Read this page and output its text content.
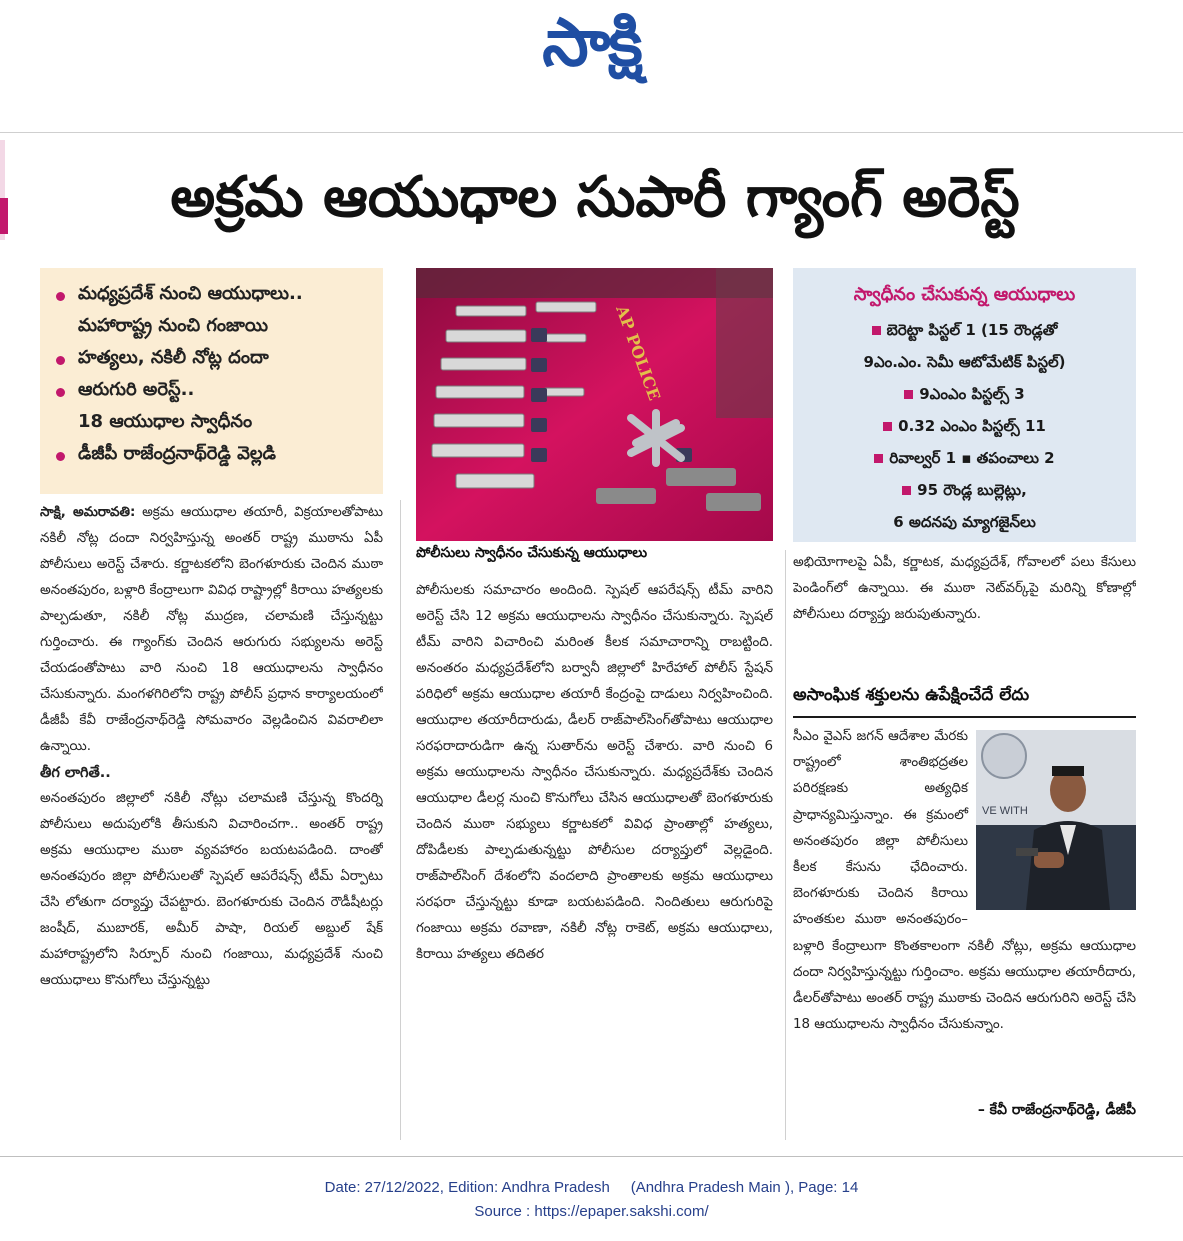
సాక్షి
అక్రమ ఆయుధాల సుపారీ గ్యాంగ్‌ అరెస్ట్‌
మధ్యప్రదేశ్‌ నుంచి ఆయుధాలు..
మహారాష్ట్ర నుంచి గంజాయి
హత్యలు, నకిలీ నోట్ల దందా
ఆరుగురి అరెస్ట్‌..
18 ఆయుధాల స్వాధీనం
డీజీపీ రాజేంద్రనాథ్‌రెడ్డి వెల్లడి
AP POLICE
పోలీసులు స్వాధీనం చేసుకున్న ఆయుధాలు
స్వాధీనం చేసుకున్న ఆయుధాలు
బెరెట్టా పిస్టల్‌ 1 (15 రౌండ్లతో
9ఎం.ఎం. సెమీ ఆటోమేటిక్‌ పిస్టల్‌)
9ఎంఎం పిస్టల్స్‌ 3
0.32 ఎంఎం పిస్టల్స్‌ 11
రివాల్వర్‌ 1 ▪ తపంచాలు 2
95 రౌండ్ల బుల్లెట్లు,
6 అదనపు మ్యాగజైన్‌లు

సాక్షి, అమరావతి: అక్రమ ఆయుధాల తయారీ, విక్రయాలతోపాటు నకిలీ నోట్ల దందా నిర్వహిస్తున్న అంతర్‌ రాష్ట్ర ముఠాను ఏపీ పోలీసులు అరెస్ట్‌ చేశారు. కర్ణాటకలోని బెంగళూరుకు చెందిన ముఠా అనంతపురం, బళ్లారి కేంద్రాలుగా వివిధ రాష్ట్రాల్లో కిరాయి హత్యలకు పాల్పడుతూ, నకిలీ నోట్ల ముద్రణ, చలామణి చేస్తున్నట్టు గుర్తించారు. ఈ గ్యాంగ్‌కు చెందిన ఆరుగురు సభ్యులను అరెస్ట్‌ చేయడంతోపాటు వారి నుంచి 18 ఆయుధాలను స్వాధీనం చేసుకున్నారు. మంగళగిరిలోని రాష్ట్ర పోలీస్‌ ప్రధాన కార్యాలయంలో డీజీపీ కేవీ రాజేంద్రనాథ్‌రెడ్డి సోమవారం వెల్లడించిన వివరాలిలా ఉన్నాయి.

తీగ లాగితే..

అనంతపురం జిల్లాలో నకిలీ నోట్లు చలామణి చేస్తున్న కొందర్ని పోలీసులు అదుపులోకి తీసుకుని విచారించగా.. అంతర్‌ రాష్ట్ర అక్రమ ఆయుధాల ముఠా వ్యవహారం బయటపడింది. దాంతో అనంతపురం జిల్లా పోలీసులతో స్పెషల్‌ ఆపరేషన్స్‌ టీమ్‌ ఏర్పాటు చేసి లోతుగా దర్యాప్తు చేపట్టారు. బెంగళూరుకు చెందిన రౌడీషీటర్లు జంషీద్‌, ముబారక్‌, అమీర్‌ పాషా, రియల్‌ అబ్దుల్‌ షేక్‌ మహారాష్ట్రలోని సిర్పూర్‌ నుంచి గంజాయి, మధ్యప్రదేశ్‌ నుంచి ఆయుధాలు కొనుగోలు చేస్తున్నట్టు

పోలీసులకు సమాచారం అందింది. స్పెషల్‌ ఆపరేషన్స్‌ టీమ్‌ వారిని అరెస్ట్‌ చేసి 12 అక్రమ ఆయుధాలను స్వాధీనం చేసుకున్నారు. స్పెషల్‌ టీమ్‌ వారిని విచారించి మరింత కీలక సమాచారాన్ని రాబట్టింది. అనంతరం మధ్యప్రదేశ్‌లోని బర్వానీ జిల్లాలో హిరేహాల్‌ పోలీస్‌ స్టేషన్‌ పరిధిలో అక్రమ ఆయుధాల తయారీ కేంద్రంపై దాడులు నిర్వహించింది. ఆయుధాల తయారీదారుడు, డీలర్‌ రాజ్‌పాల్‌సింగ్‌తోపాటు ఆయుధాల సరఫరాదారుడిగా ఉన్న సుతార్‌ను అరెస్ట్‌ చేశారు. వారి నుంచి 6 అక్రమ ఆయుధాలను స్వాధీనం చేసుకున్నారు. మధ్యప్రదేశ్‌కు చెందిన ఆయుధాల డీలర్ల నుంచి కొనుగోలు చేసిన ఆయుధాలతో బెంగళూరుకు చెందిన ముఠా సభ్యులు కర్ణాటకలో వివిధ ప్రాంతాల్లో హత్యలు, దోపిడీలకు పాల్పడుతున్నట్టు పోలీసుల దర్యాప్తులో వెల్లడైంది. రాజ్‌పాల్‌సింగ్‌ దేశంలోని వందలాది ప్రాంతాలకు అక్రమ ఆయుధాలు సరఫరా చేస్తున్నట్టు కూడా బయటపడింది. నిందితులు ఆరుగురిపై గంజాయి అక్రమ రవాణా, నకిలీ నోట్ల రాకెట్‌, అక్రమ ఆయుధాలు, కిరాయి హత్యలు తదితర

అభియోగాలపై ఏపీ, కర్ణాటక, మధ్యప్రదేశ్‌, గోవాలలో పలు కేసులు పెండింగ్‌లో ఉన్నాయి. ఈ ముఠా నెట్‌వర్క్‌పై మరిన్ని కోణాల్లో పోలీసులు దర్యాప్తు జరుపుతున్నారు.

అసాంఘిక శక్తులను ఉపేక్షించేదే లేదు
VE WITH
సీఎం వైఎస్‌ జగన్‌ ఆదేశాల మేరకు రాష్ట్రంలో శాంతిభద్రతల పరిరక్షణకు అత్యధిక ప్రాధాన్యమిస్తున్నాం. ఈ క్రమంలో అనంతపురం జిల్లా పోలీసులు కీలక కేసును ఛేదించారు. బెంగళూరుకు చెందిన కిరాయి హంతకుల ముఠా అనంతపురం–బళ్లారి కేంద్రాలుగా కొంతకాలంగా నకిలీ నోట్లు, అక్రమ ఆయుధాల దందా నిర్వహిస్తున్నట్టు గుర్తించాం. అక్రమ ఆయుధాల తయారీదారు, డీలర్‌తోపాటు అంతర్‌ రాష్ట్ర ముఠాకు చెందిన ఆరుగురిని అరెస్ట్‌ చేసి 18 ఆయుధాలను స్వాధీనం చేసుకున్నాం.
– కేవీ రాజేంద్రనాథ్‌రెడ్డి, డీజీపీ
Date: 27/12/2022, Edition: Andhra Pradesh     (Andhra Pradesh Main ), Page: 14
Source : https://epaper.sakshi.com/
